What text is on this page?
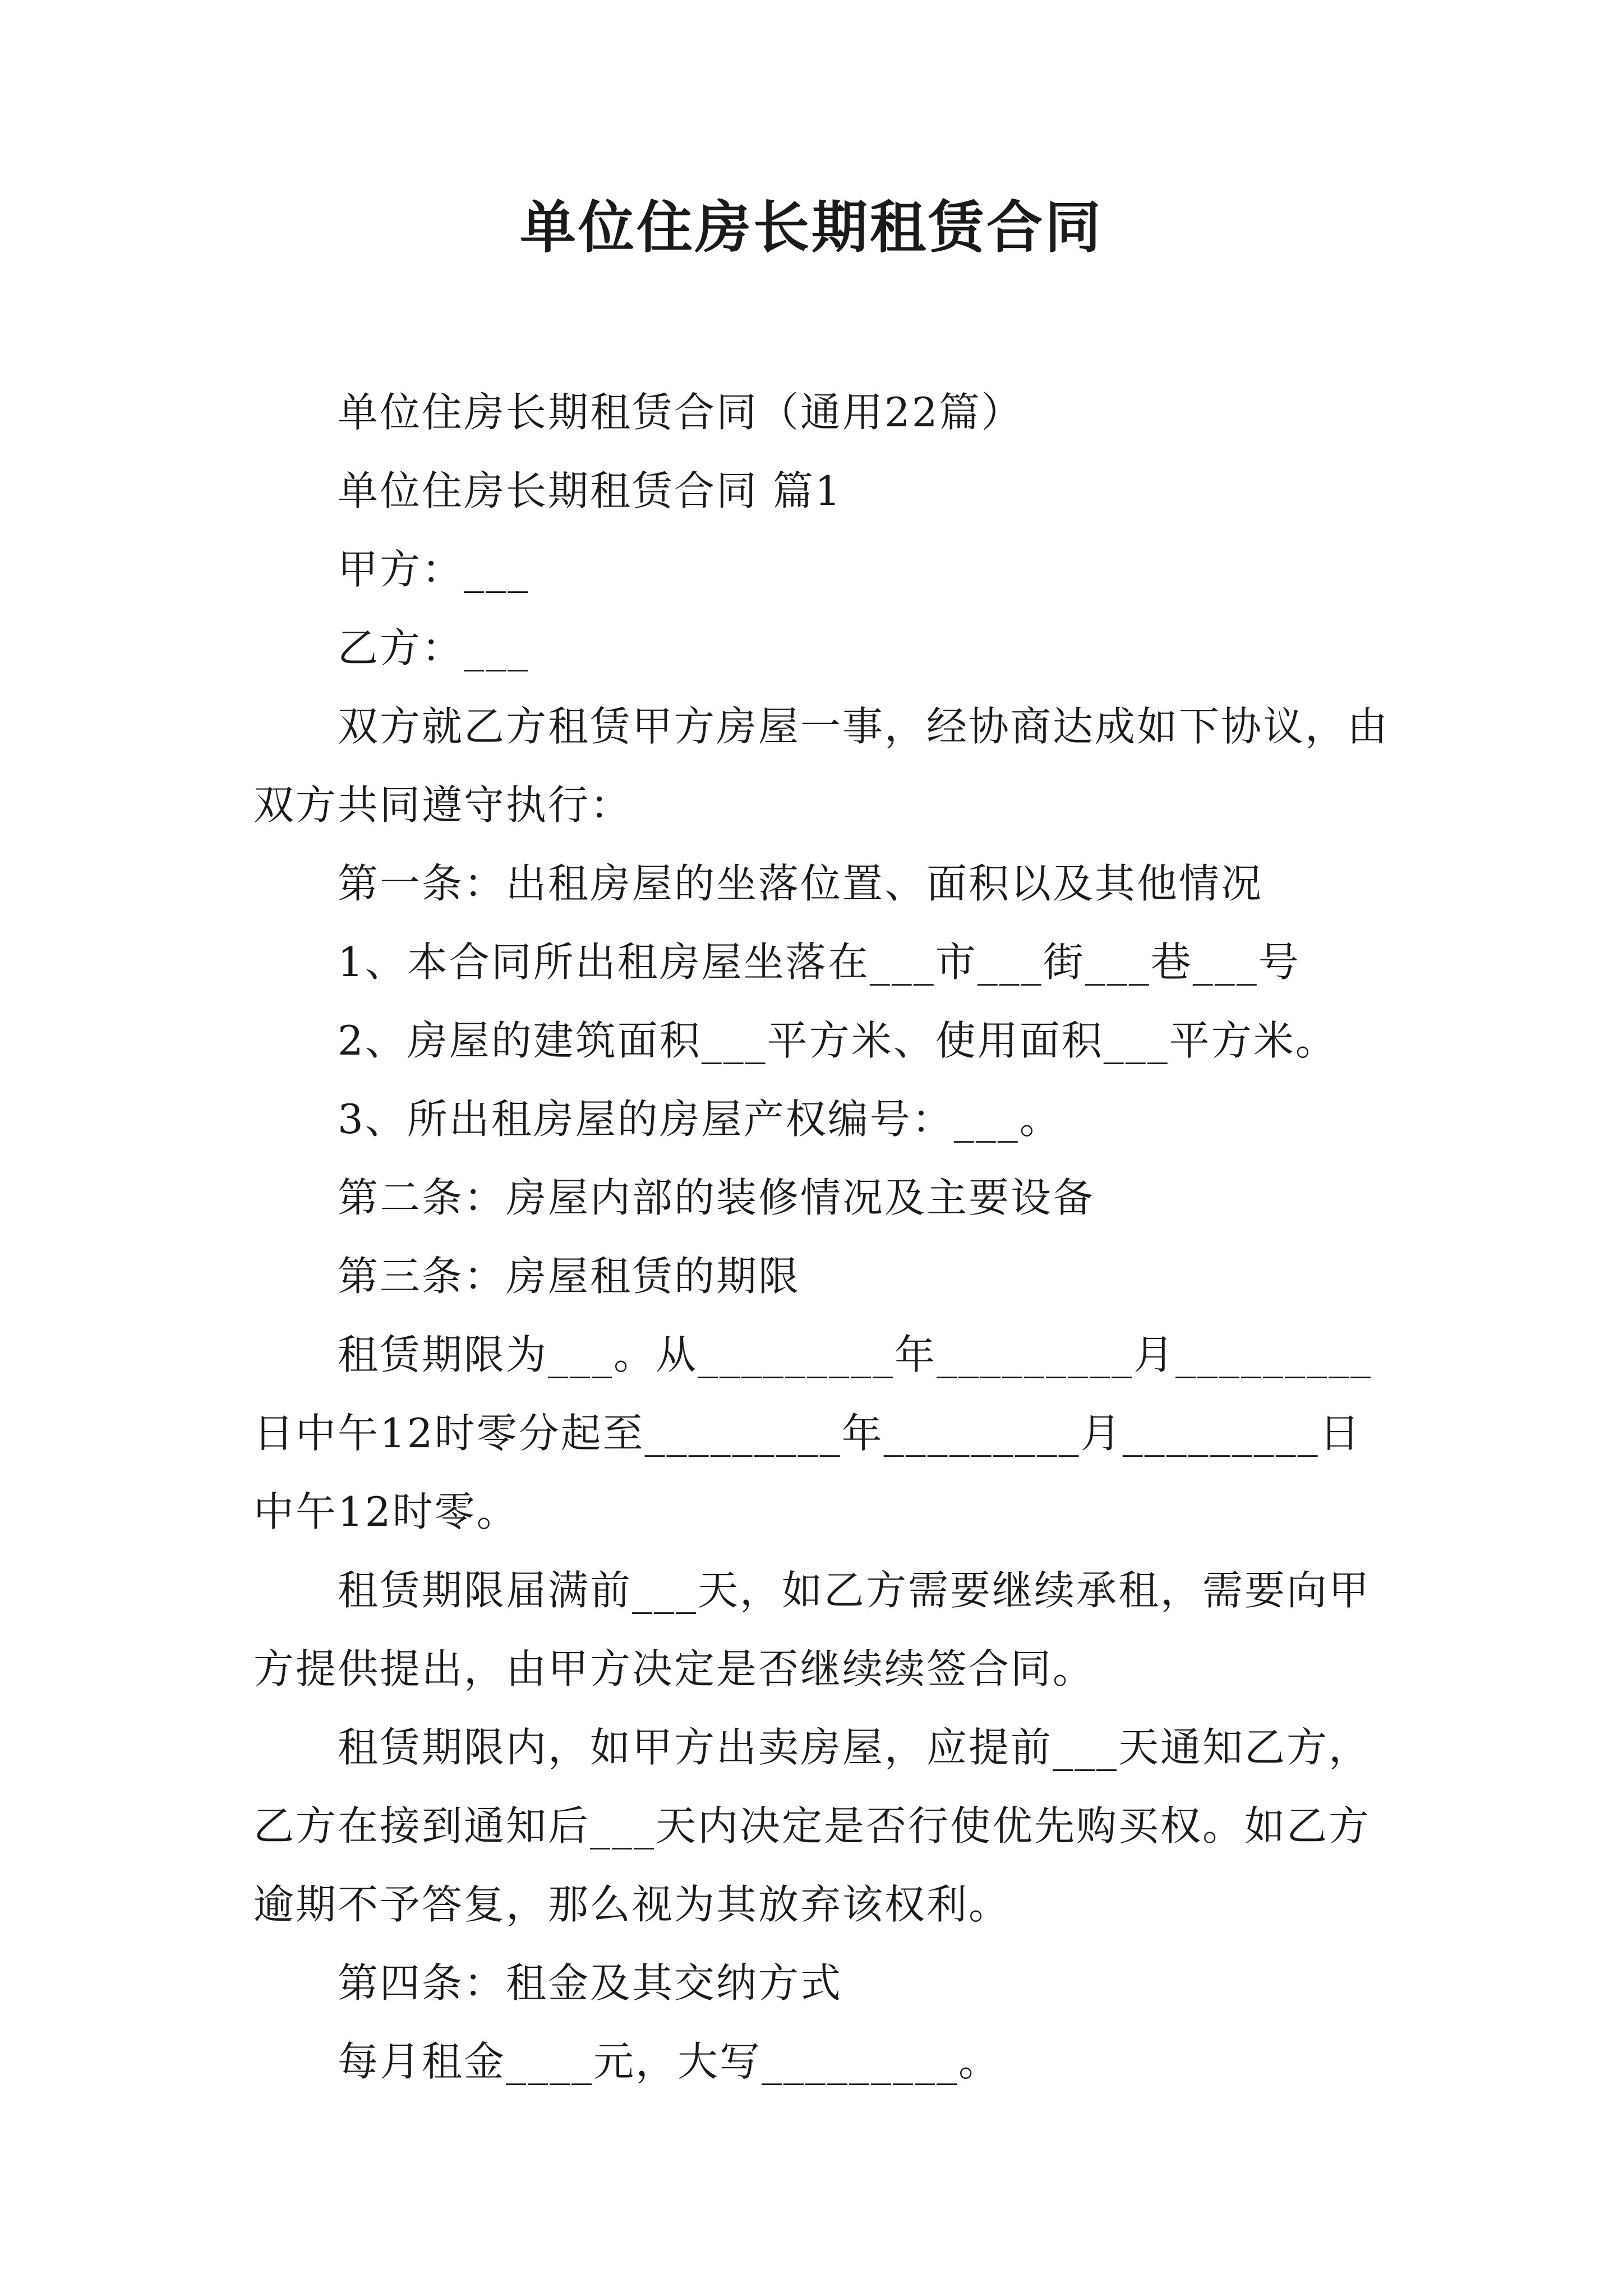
单位住房长期租赁合同

单位住房长期租赁合同（通用22篇）

单位住房长期租赁合同 篇1

甲方：___

乙方：___

双方就乙方租赁甲方房屋一事，经协商达成如下协议，由双方共同遵守执行：

第一条：出租房屋的坐落位置、面积以及其他情况

1、本合同所出租房屋坐落在___市___街___巷___号

2、房屋的建筑面积___平方米、使用面积___平方米。

3、所出租房屋的房屋产权编号：___。

第二条：房屋内部的装修情况及主要设备

第三条：房屋租赁的期限

租赁期限为___。从_________年_________月_________日中午12时零分起至_________年_________月_________日中午12时零。

租赁期限届满前___天，如乙方需要继续承租，需要向甲方提供提出，由甲方决定是否继续续签合同。

租赁期限内，如甲方出卖房屋，应提前___天通知乙方，乙方在接到通知后___天内决定是否行使优先购买权。如乙方逾期不予答复，那么视为其放弃该权利。

第四条：租金及其交纳方式

每月租金____元，大写_________。
